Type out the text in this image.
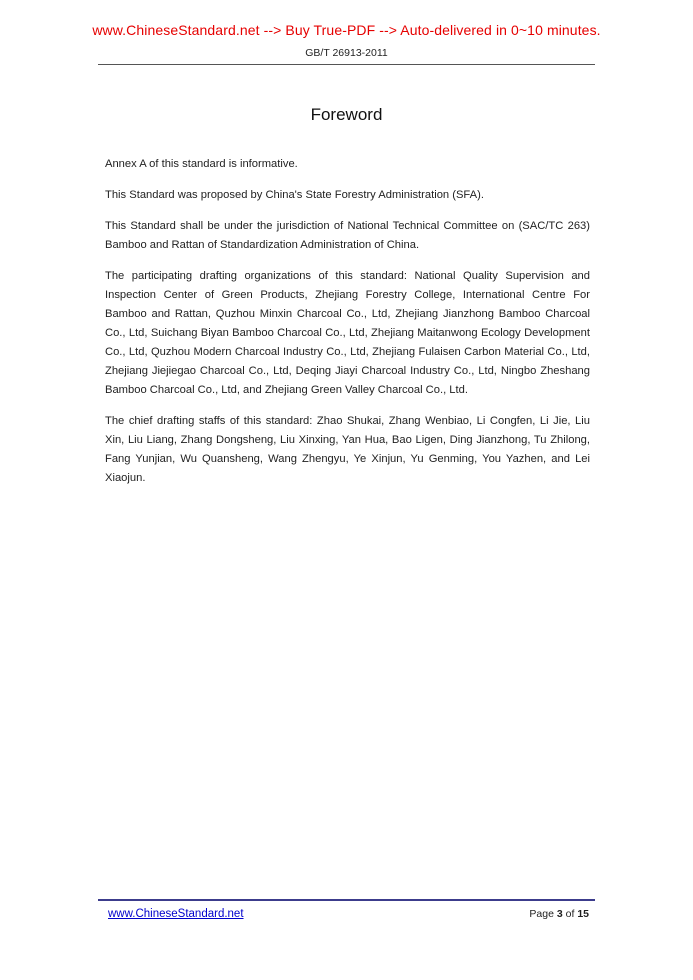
www.ChineseStandard.net --> Buy True-PDF --> Auto-delivered in 0~10 minutes.
GB/T 26913-2011
Foreword

Annex A of this standard is informative.

This Standard was proposed by China's State Forestry Administration (SFA).

This Standard shall be under the jurisdiction of National Technical Committee on (SAC/TC 263) Bamboo and Rattan of Standardization Administration of China.

The participating drafting organizations of this standard: National Quality Supervision and Inspection Center of Green Products, Zhejiang Forestry College, International Centre For Bamboo and Rattan, Quzhou Minxin Charcoal Co., Ltd, Zhejiang Jianzhong Bamboo Charcoal Co., Ltd, Suichang Biyan Bamboo Charcoal Co., Ltd, Zhejiang Maitanwong Ecology Development Co., Ltd, Quzhou Modern Charcoal Industry Co., Ltd, Zhejiang Fulaisen Carbon Material Co., Ltd, Zhejiang Jiejiegao Charcoal Co., Ltd, Deqing Jiayi Charcoal Industry Co., Ltd, Ningbo Zheshang Bamboo Charcoal Co., Ltd, and Zhejiang Green Valley Charcoal Co., Ltd.

The chief drafting staffs of this standard: Zhao Shukai, Zhang Wenbiao, Li Congfen, Li Jie, Liu Xin, Liu Liang, Zhang Dongsheng, Liu Xinxing, Yan Hua, Bao Ligen, Ding Jianzhong, Tu Zhilong, Fang Yunjian, Wu Quansheng, Wang Zhengyu, Ye Xinjun, Yu Genming, You Yazhen, and Lei Xiaojun.

www.ChineseStandard.net	Page 3 of 15
